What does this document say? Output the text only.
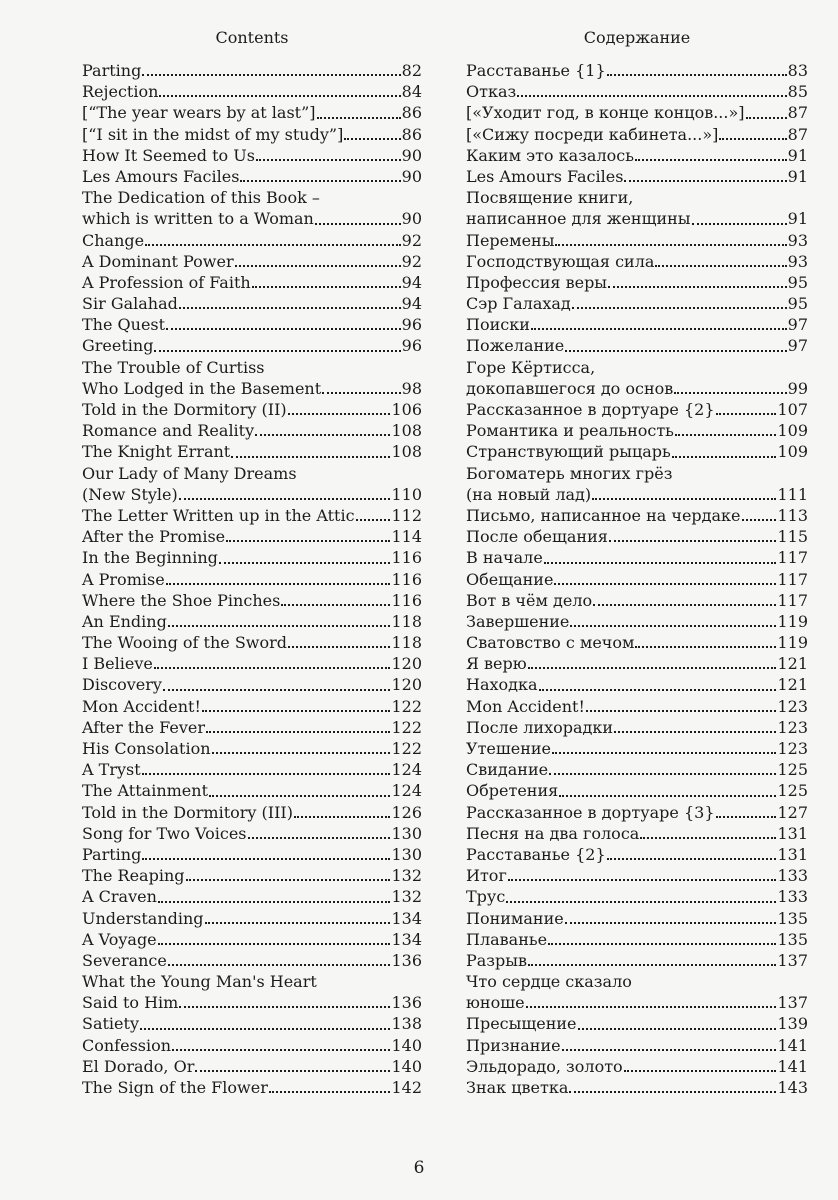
Contents
Parting	82
Rejection	84
[“The year wears by at last”]	86
[“I sit in the midst of my study”]	86
How It Seemed to Us	90
Les Amours Faciles	90
The Dedication of this Book –
which is written to a Woman	90
Change	92
A Dominant Power	92
A Profession of Faith	94
Sir Galahad	94
The Quest	96
Greeting	96
The Trouble of Curtiss
Who Lodged in the Basement	98
Told in the Dormitory (II)	106
Romance and Reality	108
The Knight Errant	108
Our Lady of Many Dreams
(New Style)	110
The Letter Written up in the Attic 112
After the Promise	114
In the Beginning	116
A Promise	116
Where the Shoe Pinches	116
An Ending	118
The Wooing of the Sword	118
I Believe	120
Discovery	120
Mon Accident!	122
After the Fever	122
His Consolation	122
A Tryst	124
The Attainment	124
Told in the Dormitory (III)	126
Song for Two Voices	130
Parting	130
The Reaping	132
A Craven	132
Understanding	134
A Voyage	134
Severance	136
What the Young Man's Heart
Said to Him	136
Satiety	138
Confession	140
El Dorado, Or	140
The Sign of the Flower	142
Содержание
Расставанье {1}	83
Отказ	85
[«Уходит год, в конце концов...»]	87
[«Сижу посреди кабинета...»]	87
Каким это казалось	91
Les Amours Faciles	91
Посвящение книги,
написанное для женщины	91
Перемены	93
Господствующая сила	93
Профессия веры	95
Сэр Галахад	95
Поиски	97
Пожелание	97
Горе Кёртисса,
докопавшегося до основ	99
Рассказанное в дортуаре {2}	107
Романтика и реальность	109
Странствующий рыцарь	109
Богоматерь многих грёз
(на новый лад)	111
Письмо, написанное на чердаке 113
После обещания	115
В начале	117
Обещание	117
Вот в чём дело	117
Завершение	119
Сватовство с мечом	119
Я верю	121
Находка	121
Mon Accident!	123
После лихорадки	123
Утешение	123
Свидание	125
Обретения	125
Рассказанное в дортуаре {3}	127
Песня на два голоса	131
Расставанье {2}	131
Итог	133
Трус	133
Понимание	135
Плаванье	135
Разрыв	137
Что сердце сказало
юноше	137
Пресыщение	139
Признание	141
Эльдорадо, золото	141
Знак цветка	143
6
